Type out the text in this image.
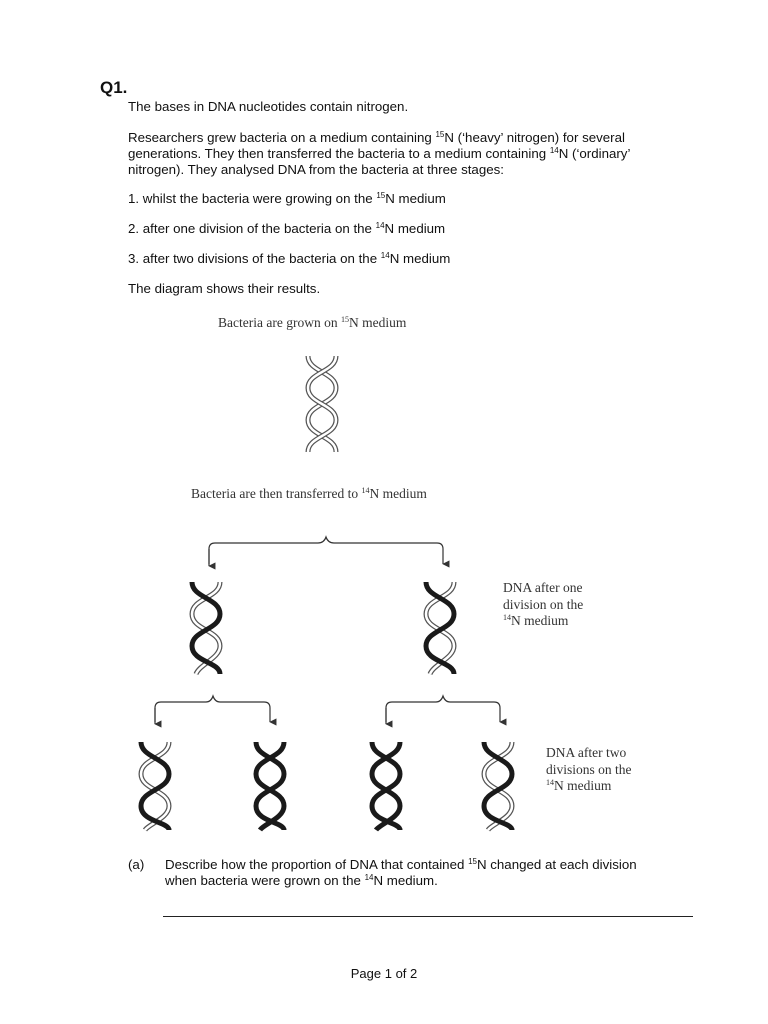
Q1.
The bases in DNA nucleotides contain nitrogen.
Researchers grew bacteria on a medium containing $^{15}$N (‘heavy’ nitrogen) for several
generations. They then transferred the bacteria to a medium containing $^{14}$N (‘ordinary’
nitrogen). They analysed DNA from the bacteria at three stages:
1. whilst the bacteria were growing on the $^{15}$N medium
2. after one division of the bacteria on the $^{14}$N medium
3. after two divisions of the bacteria on the $^{14}$N medium
The diagram shows their results.
Bacteria are grown on $^{15}$N medium
Bacteria are then transferred to $^{14}$N medium
DNA after one
division on the
$^{14}$N medium
DNA after two
divisions on the
$^{14}$N medium
(a) Describe how the proportion of DNA that contained $^{15}$N changed at each division
when bacteria were grown on the $^{14}$N medium.
Page 1 of 2
